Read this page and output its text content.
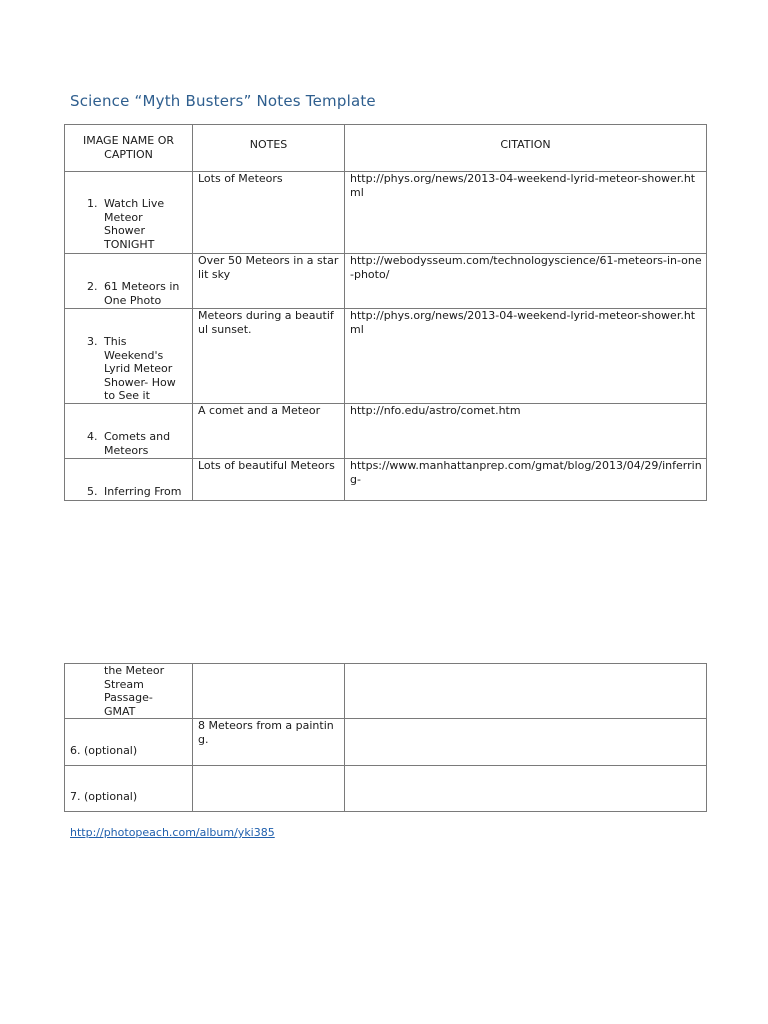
Science “Myth Busters” Notes Template
IMAGE NAME OR CAPTION	NOTES	CITATION

1. Watch Live Meteor Shower TONIGHT	Lots of Meteors	http://phys.org/news/2013-04-weekend-lyrid-meteor-shower.html

2. 61 Meteors in One Photo	Over 50 Meteors in a starlit sky	http://webodysseum.com/technologyscience/61-meteors-in-one-photo/

3. This Weekend's Lyrid Meteor Shower- How to See it	Meteors during a beautiful sunset.	http://phys.org/news/2013-04-weekend-lyrid-meteor-shower.html

4. Comets and Meteors	A comet and a Meteor	http://nfo.edu/astro/comet.htm

5. Inferring From	Lots of beautiful Meteors	https://www.manhattanprep.com/gmat/blog/2013/04/29/inferring-
the Meteor Stream Passage- GMAT		

6. (optional)	8 Meteors from a painting.	

7. (optional)		

http://photopeach.com/album/yki385
